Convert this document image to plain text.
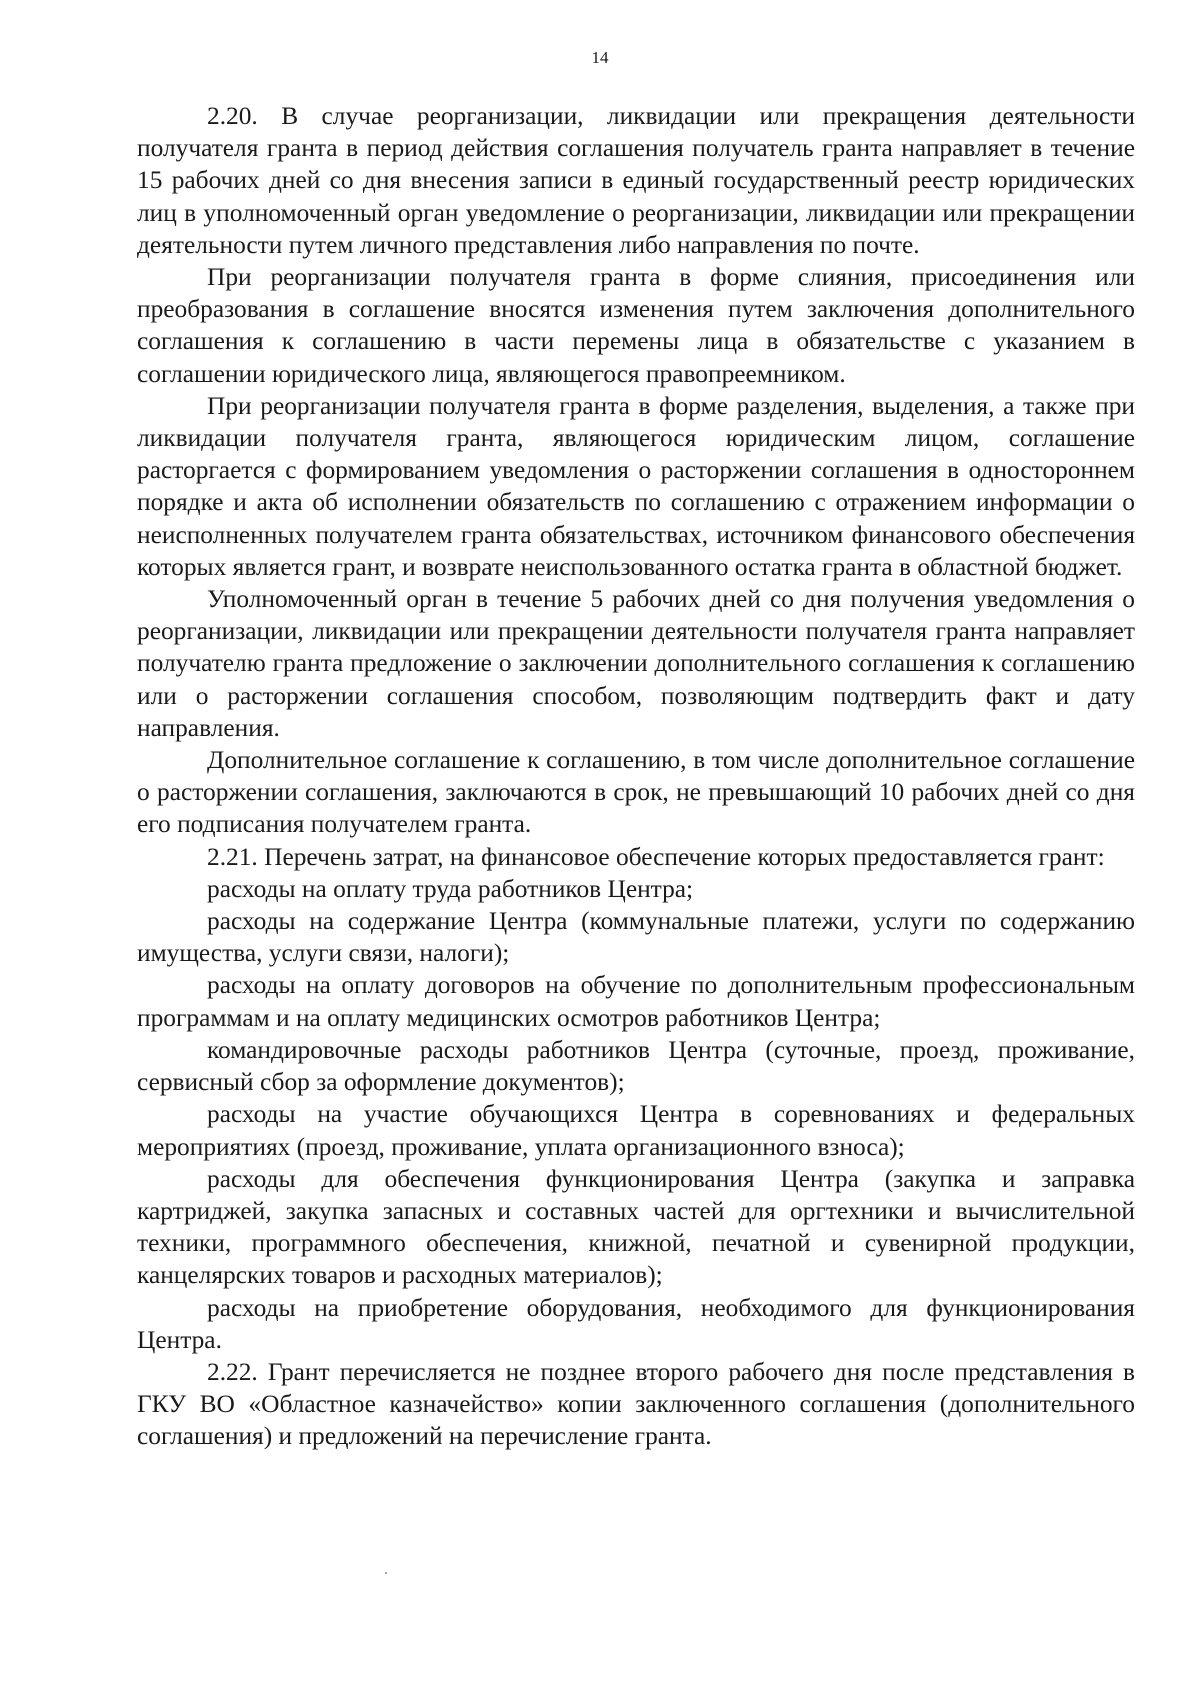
14

2.20. В случае реорганизации, ликвидации или прекращения деятельности получателя гранта в период действия соглашения получатель гранта направляет в течение 15 рабочих дней со дня внесения записи в единый государственный реестр юридических лиц в уполномоченный орган уведомление о реорганизации, ликвидации или прекращении деятельности путем личного представления либо направления по почте.

При реорганизации получателя гранта в форме слияния, присоединения или преобразования в соглашение вносятся изменения путем заключения дополнительного соглашения к соглашению в части перемены лица в обязательстве с указанием в соглашении юридического лица, являющегося правопреемником.

При реорганизации получателя гранта в форме разделения, выделения, а также при ликвидации получателя гранта, являющегося юридическим лицом, соглашение расторгается с формированием уведомления о расторжении соглашения в одностороннем порядке и акта об исполнении обязательств по соглашению с отражением информации о неисполненных получателем гранта обязательствах, источником финансового обеспечения которых является грант, и возврате неиспользованного остатка гранта в областной бюджет.

Уполномоченный орган в течение 5 рабочих дней со дня получения уведомления о реорганизации, ликвидации или прекращении деятельности получателя гранта направляет получателю гранта предложение о заключении дополнительного соглашения к соглашению или о расторжении соглашения способом, позволяющим подтвердить факт и дату направления.

Дополнительное соглашение к соглашению, в том числе дополнительное соглашение о расторжении соглашения, заключаются в срок, не превышающий 10 рабочих дней со дня его подписания получателем гранта.

2.21. Перечень затрат, на финансовое обеспечение которых предоставляется грант:

расходы на оплату труда работников Центра;

расходы на содержание Центра (коммунальные платежи, услуги по содержанию имущества, услуги связи, налоги);

расходы на оплату договоров на обучение по дополнительным профессиональным программам и на оплату медицинских осмотров работников Центра;

командировочные расходы работников Центра (суточные, проезд, проживание, сервисный сбор за оформление документов);

расходы на участие обучающихся Центра в соревнованиях и федеральных мероприятиях (проезд, проживание, уплата организационного взноса);

расходы для обеспечения функционирования Центра (закупка и заправка картриджей, закупка запасных и составных частей для оргтехники и вычислительной техники, программного обеспечения, книжной, печатной и сувенирной продукции, канцелярских товаров и расходных материалов);

расходы на приобретение оборудования, необходимого для функционирования Центра.

2.22. Грант перечисляется не позднее второго рабочего дня после представления в ГКУ ВО «Областное казначейство» копии заключенного соглашения (дополнительного соглашения) и предложений на перечисление гранта.
